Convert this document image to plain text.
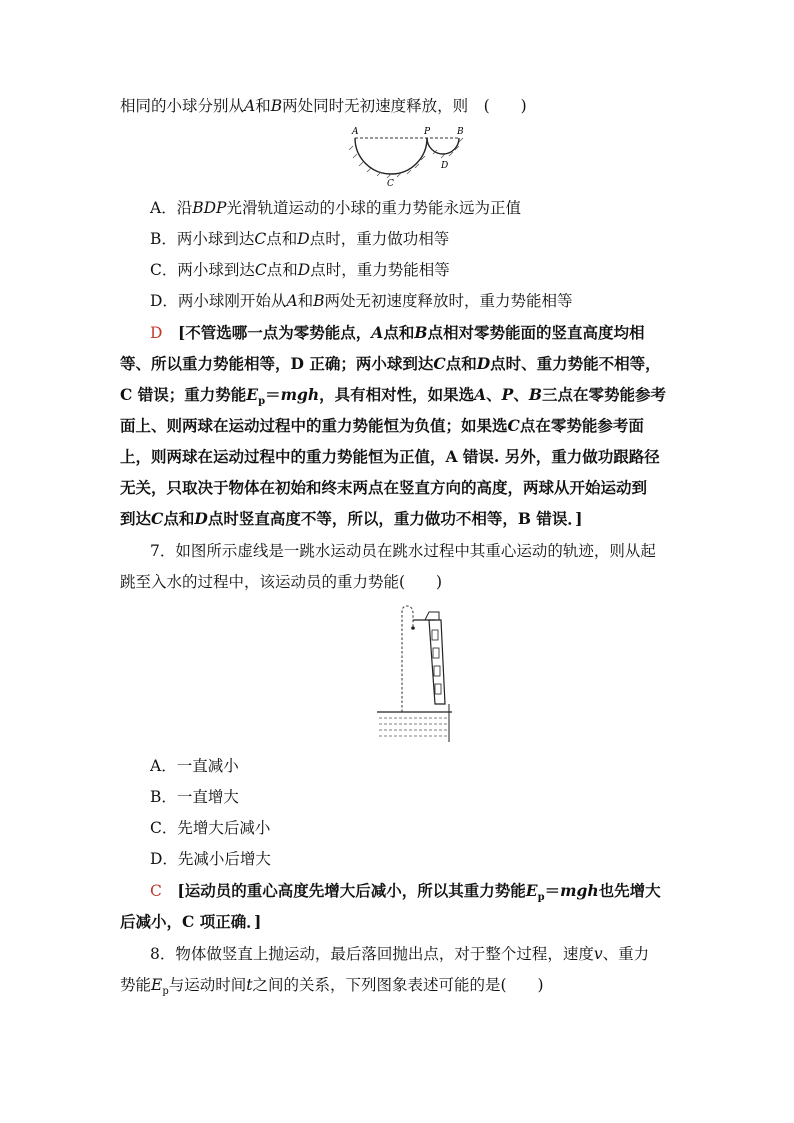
相同的小球分别从A和B两处同时无初速度释放，则　(　　)
A	P	B
C
D
A．沿BDP光滑轨道运动的小球的重力势能永远为正值
B．两小球到达C点和D点时，重力做功相等
C．两小球到达C点和D点时，重力势能相等
D．两小球刚开始从A和B两处无初速度释放时，重力势能相等
D　 [不管选哪一点为零势能点，A点和B点相对零势能面的竖直高度均相
等、所以重力势能相等，D 正确；两小球到达C点和D点时、重力势能不相等，
C 错误；重力势能$E_p=mgh$，具有相对性，如果选A、P、B三点在零势能参考
面上、则两球在运动过程中的重力势能恒为负值；如果选C点在零势能参考面
上，则两球在运动过程中的重力势能恒为正值，A 错误. 另外，重力做功跟路径
无关，只取决于物体在初始和终末两点在竖直方向的高度，两球从开始运动到
到达C点和D点时竖直高度不等，所以，重力做功不相等，B 错误．]
7．如图所示虚线是一跳水运动员在跳水过程中其重心运动的轨迹，则从起
跳至入水的过程中，该运动员的重力势能(　　)
A．一直减小
B．一直增大
C．先增大后减小
D．先减小后增大
C　 [运动员的重心高度先增大后减小，所以其重力势能$E_p=mgh$也先增大
后减小，C 项正确．]
8．物体做竖直上抛运动，最后落回抛出点，对于整个过程，速度v、重力
势能$E_p$与运动时间t之间的关系，下列图象表述可能的是(　　)
